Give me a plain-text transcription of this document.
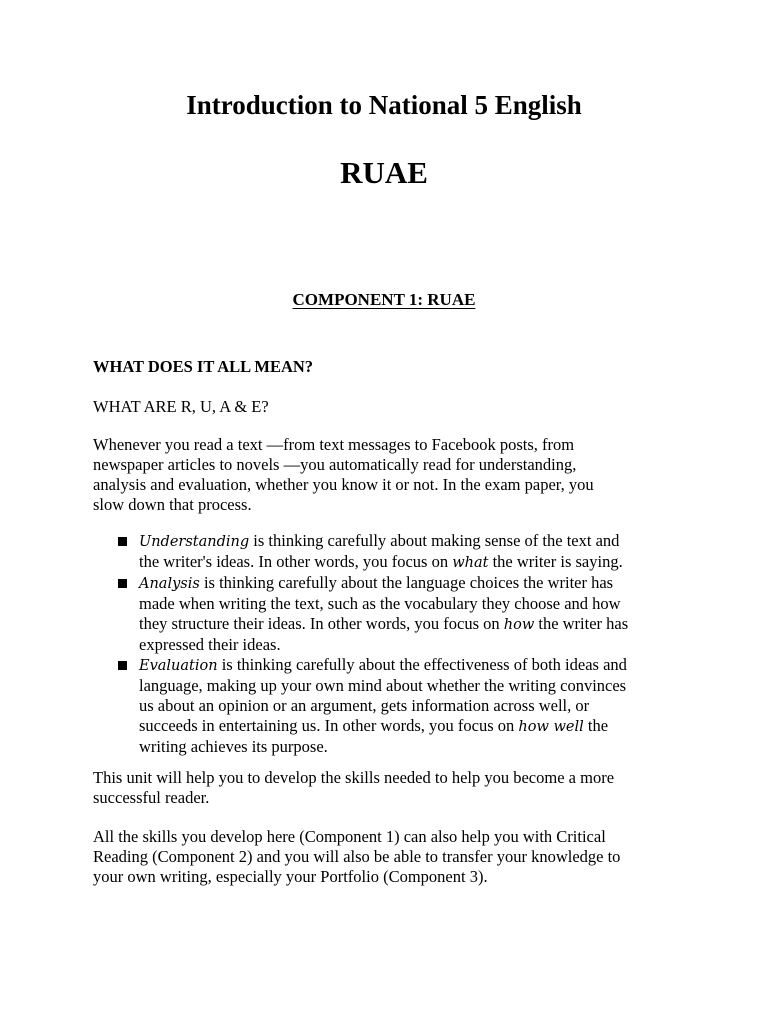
Introduction to National 5 English
RUAE
COMPONENT 1: RUAE

WHAT DOES IT ALL MEAN?

WHAT ARE R, U, A & E?

Whenever you read a text —from text messages to Facebook posts, from
newspaper articles to novels —you automatically read for understanding,
analysis and evaluation, whether you know it or not. In the exam paper, you
slow down that process.

Understanding is thinking carefully about making sense of the text and
the writer's ideas. In other words, you focus on what the writer is saying.
Analysis is thinking carefully about the language choices the writer has
made when writing the text, such as the vocabulary they choose and how
they structure their ideas. In other words, you focus on how the writer has
expressed their ideas.
Evaluation is thinking carefully about the effectiveness of both ideas and
language, making up your own mind about whether the writing convinces
us about an opinion or an argument, gets information across well, or
succeeds in entertaining us. In other words, you focus on how well the
writing achieves its purpose.

This unit will help you to develop the skills needed to help you become a more
successful reader.

All the skills you develop here (Component 1) can also help you with Critical
Reading (Component 2) and you will also be able to transfer your knowledge to
your own writing, especially your Portfolio (Component 3).
